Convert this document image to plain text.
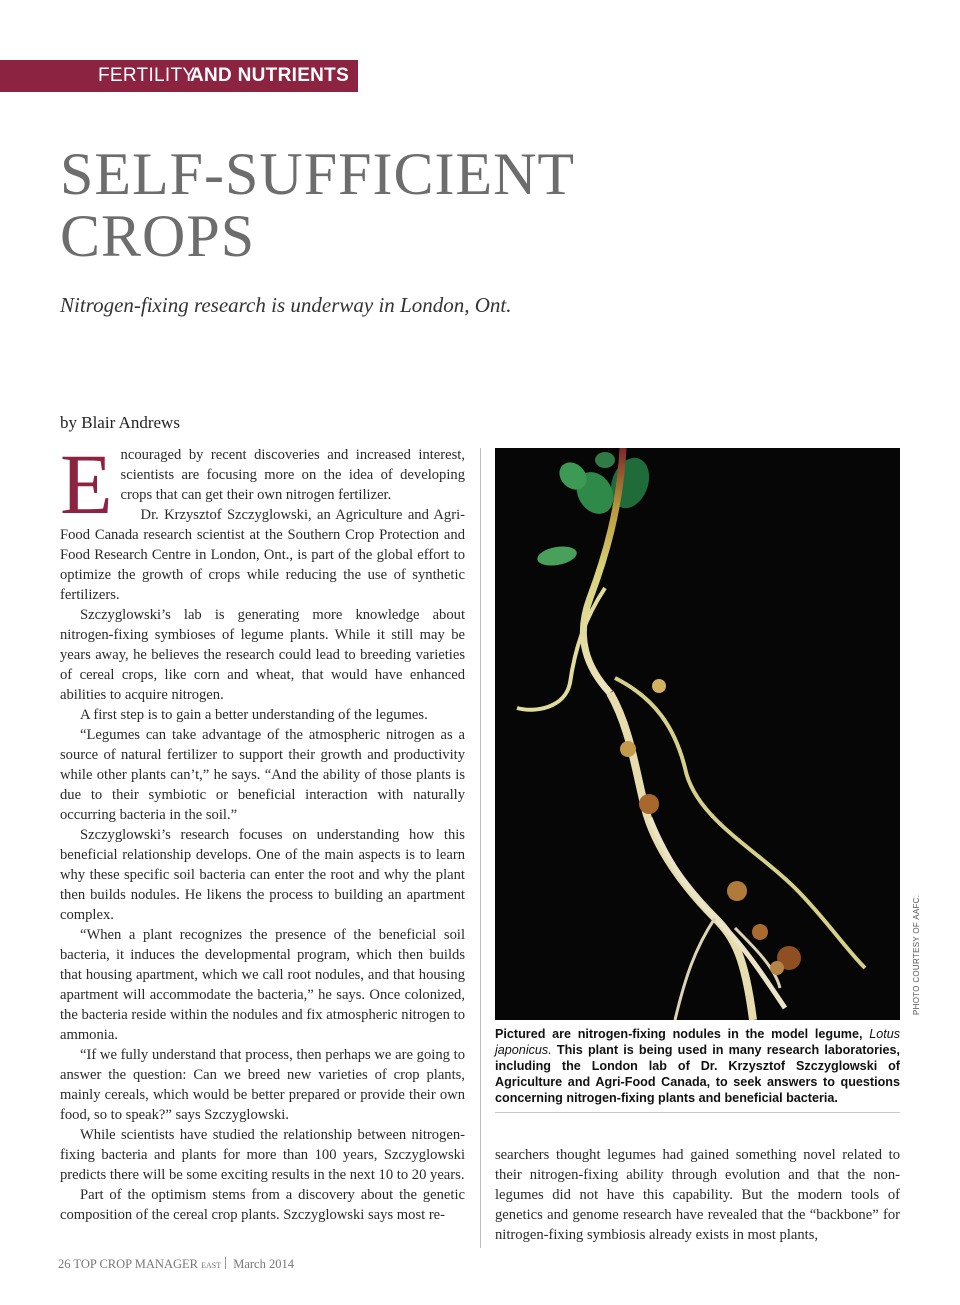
FERTILITY
AND NUTRIENTS
SELF-SUFFICIENT CROPS
Nitrogen-fixing research is underway in London, Ont.
by Blair Andrews

Encouraged by recent discoveries and increased interest, scientists are focusing more on the idea of developing crops that can get their own nitrogen fertilizer.

Dr. Krzysztof Szczyglowski, an Agriculture and Agri-Food Canada research scientist at the Southern Crop Protection and Food Research Centre in London, Ont., is part of the global effort to optimize the growth of crops while reducing the use of synthetic fertilizers.

Szczyglowski’s lab is generating more knowledge about nitrogen-fixing symbioses of legume plants. While it still may be years away, he believes the research could lead to breeding varieties of cereal crops, like corn and wheat, that would have enhanced abilities to acquire nitrogen.

A first step is to gain a better understanding of the legumes.

“Legumes can take advantage of the atmospheric nitrogen as a source of natural fertilizer to support their growth and productivity while other plants can’t,” he says. “And the ability of those plants is due to their symbiotic or beneficial interaction with naturally occurring bacteria in the soil.”

Szczyglowski’s research focuses on understanding how this beneficial relationship develops. One of the main aspects is to learn why these specific soil bacteria can enter the root and why the plant then builds nodules. He likens the process to building an apartment complex.

“When a plant recognizes the presence of the beneficial soil bacteria, it induces the developmental program, which then builds that housing apartment, which we call root nodules, and that housing apartment will accommodate the bacteria,” he says. Once colonized, the bacteria reside within the nodules and fix atmospheric nitrogen to ammonia.

“If we fully understand that process, then perhaps we are going to answer the question: Can we breed new varieties of crop plants, mainly cereals, which would be better prepared or provide their own food, so to speak?” says Szczyglowski.

While scientists have studied the relationship between nitrogen-fixing bacteria and plants for more than 100 years, Szczyglowski predicts there will be some exciting results in the next 10 to 20 years.

Part of the optimism stems from a discovery about the genetic composition of the cereal crop plants. Szczyglowski says most re-

PHOTO COURTESY OF AAFC.
Pictured are nitrogen-fixing nodules in the model legume, Lotus japonicus. This plant is being used in many research laboratories, including the London lab of Dr. Krzysztof Szczyglowski of Agriculture and Agri-Food Canada, to seek answers to questions concerning nitrogen-fixing plants and beneficial bacteria.

searchers thought legumes had gained something novel related to their nitrogen-fixing ability through evolution and that the non-legumes did not have this capability. But the modern tools of genetics and genome research have revealed that the “backbone” for nitrogen-fixing symbiosis already exists in most plants,

26 TOP CROP MANAGER EAST March 2014
